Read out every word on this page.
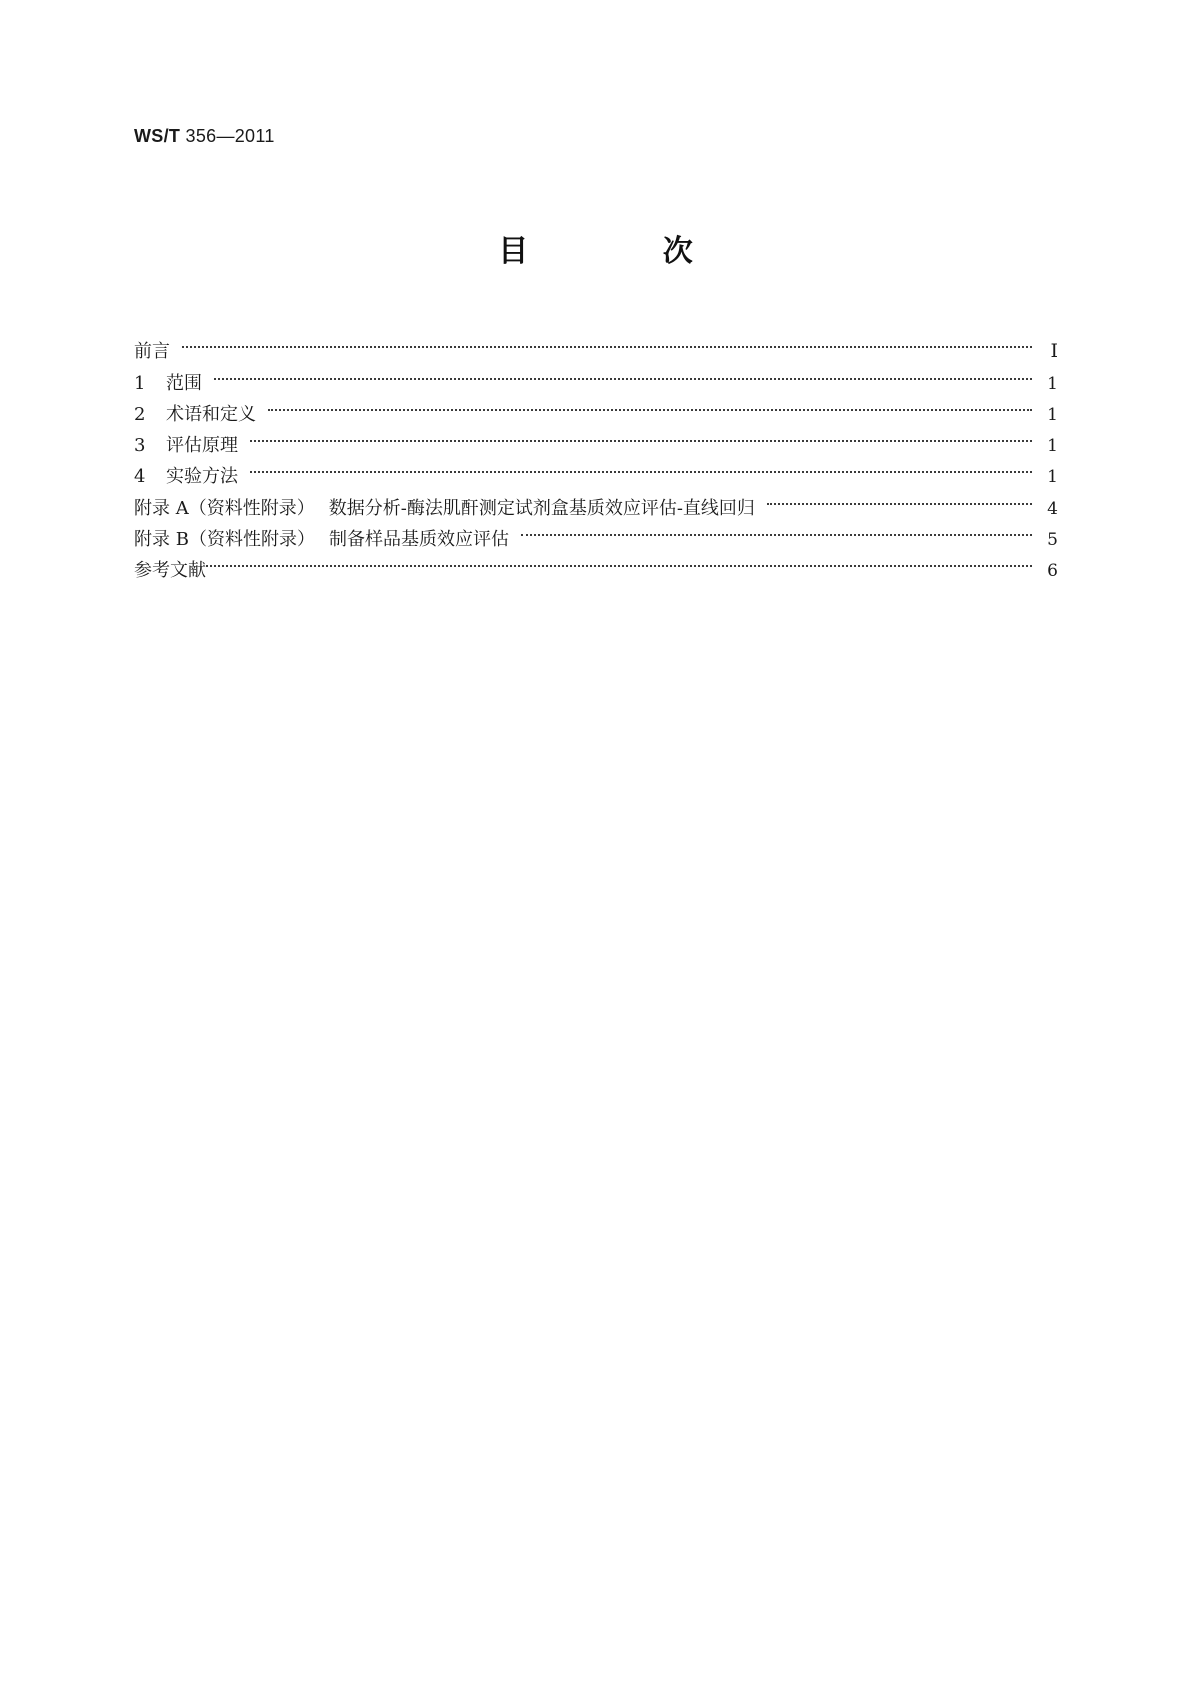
WS/T 356—2011
目 次
前言	Ⅰ
1	范围	1
2	术语和定义	1
3	评估原理	1
4	实验方法	1
附录 A（资料性附录） 数据分析-酶法肌酐测定试剂盒基质效应评估-直线回归	4
附录 B（资料性附录） 制备样品基质效应评估	5
参考文献	6
